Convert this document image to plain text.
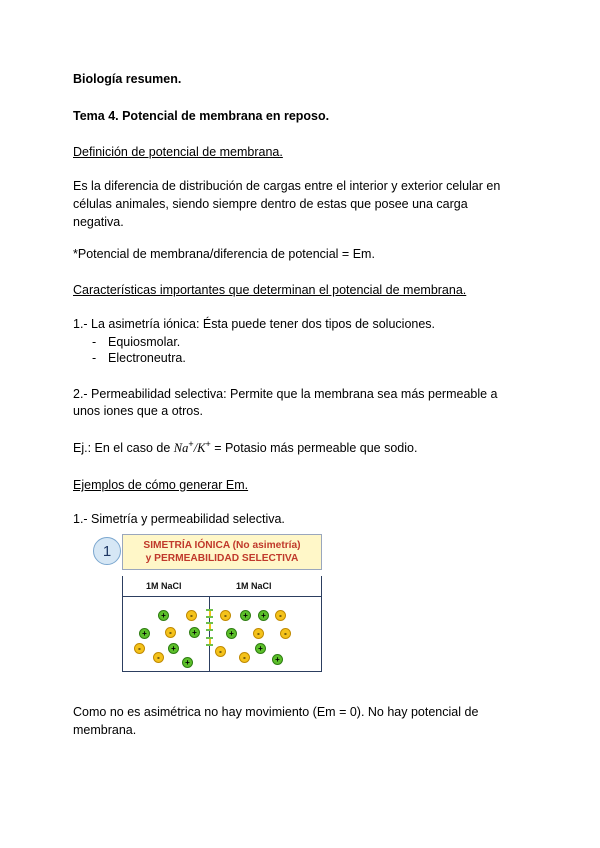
Biología resumen.

Tema 4. Potencial de membrana en reposo.

Definición de potencial de membrana.

Es la diferencia de distribución de cargas entre el interior y exterior celular en

células animales, siendo siempre dentro de estas que posee una carga

negativa.

*Potencial de membrana/diferencia de potencial = Em.

Características importantes que determinan el potencial de membrana.

1.- La asimetría iónica: Ésta puede tener dos tipos de soluciones.

- Equiosmolar.
- Electroneutra.

2.- Permeabilidad selectiva: Permite que la membrana sea más permeable a

unos iones que a otros.

Ej.: En el caso de Na+/K+ = Potasio más permeable que sodio.

Ejemplos de cómo generar Em.

1.- Simetría y permeabilidad selectiva.

1	SIMETRÍA IÓNICA (No asimetría)
y PERMEABILIDAD SELECTIVA
1M NaCl	1M NaCl
+	-
+	-	+
-	+
-
+
-	+	+	-
+	-	-
-	+
-	+

Como no es asimétrica no hay movimiento (Em = 0). No hay potencial de

membrana.
